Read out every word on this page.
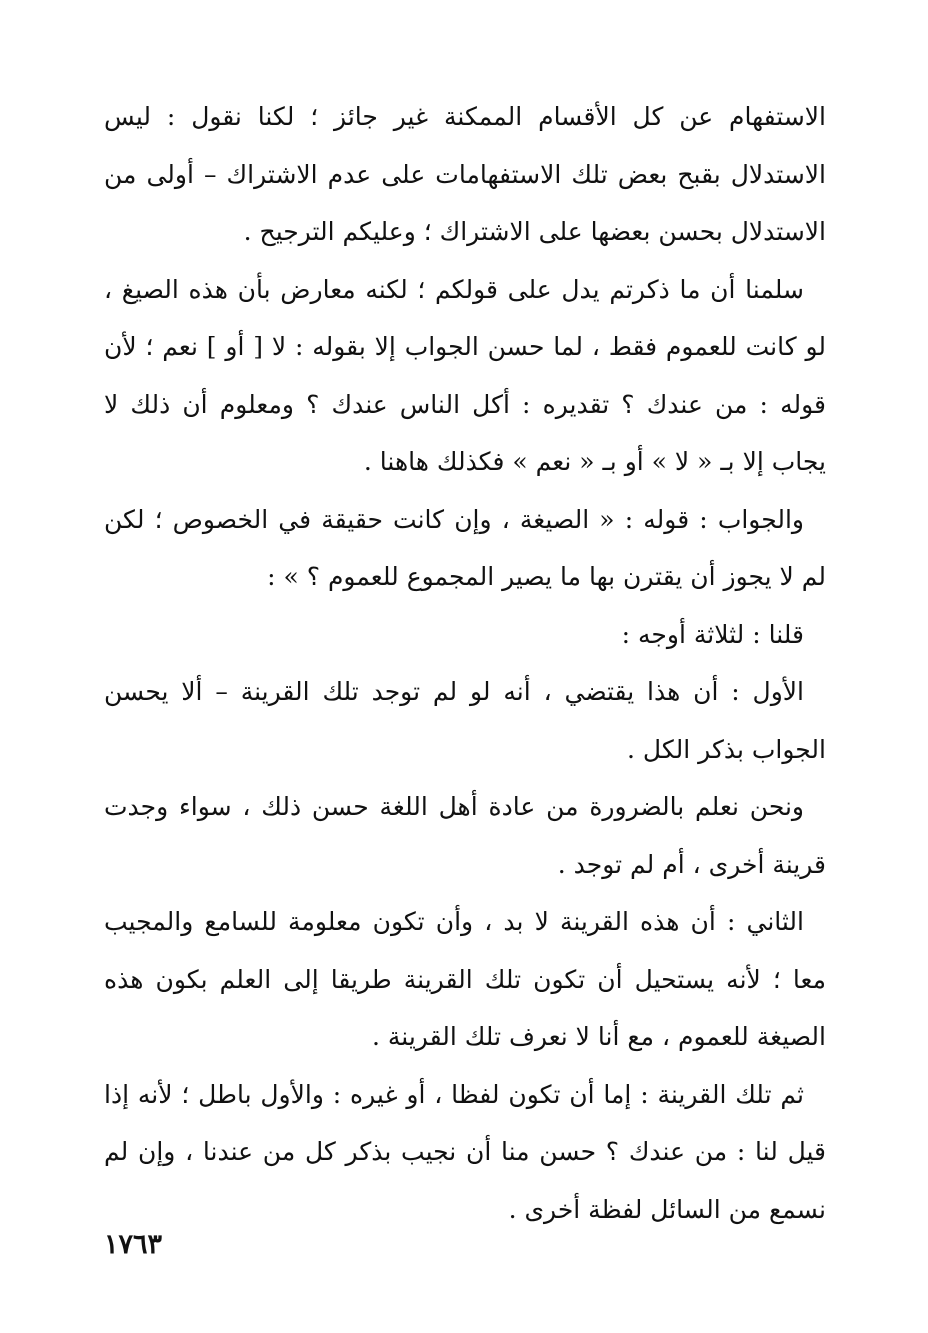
الاستفهام عن كل الأقسام الممكنة غير جائز ؛ لكنا نقول : ليس الاستدلال بقبح بعض تلك الاستفهامات على عدم الاشتراك – أولى من الاستدلال بحسن بعضها على الاشتراك ؛ وعليكم الترجيح .

سلمنا أن ما ذكرتم يدل على قولكم ؛ لكنه معارض بأن هذه الصيغ ، لو كانت للعموم فقط ، لما حسن الجواب إلا بقوله : لا [ أو ] نعم ؛ لأن قوله : من عندك ؟ تقديره : أكل الناس عندك ؟ ومعلوم أن ذلك لا يجاب إلا بـ « لا » أو بـ « نعم » فكذلك هاهنا .

والجواب : قوله : « الصيغة ، وإن كانت حقيقة في الخصوص ؛ لكن لم لا يجوز أن يقترن بها ما يصير المجموع للعموم ؟ » :

قلنا : لثلاثة أوجه :

الأول : أن هذا يقتضي ، أنه لو لم توجد تلك القرينة – ألا يحسن الجواب بذكر الكل .

ونحن نعلم بالضرورة من عادة أهل اللغة حسن ذلك ، سواء وجدت قرينة أخرى ، أم لم توجد .

الثاني : أن هذه القرينة لا بد ، وأن تكون معلومة للسامع والمجيب معا ؛ لأنه يستحيل أن تكون تلك القرينة طريقا إلى العلم بكون هذه الصيغة للعموم ، مع أنا لا نعرف تلك القرينة .

ثم تلك القرينة : إما أن تكون لفظا ، أو غيره : والأول باطل ؛ لأنه إذا قيل لنا : من عندك ؟ حسن منا أن نجيب بذكر كل من عندنا ، وإن لم نسمع من السائل لفظة أخرى .

١٧٦٣
